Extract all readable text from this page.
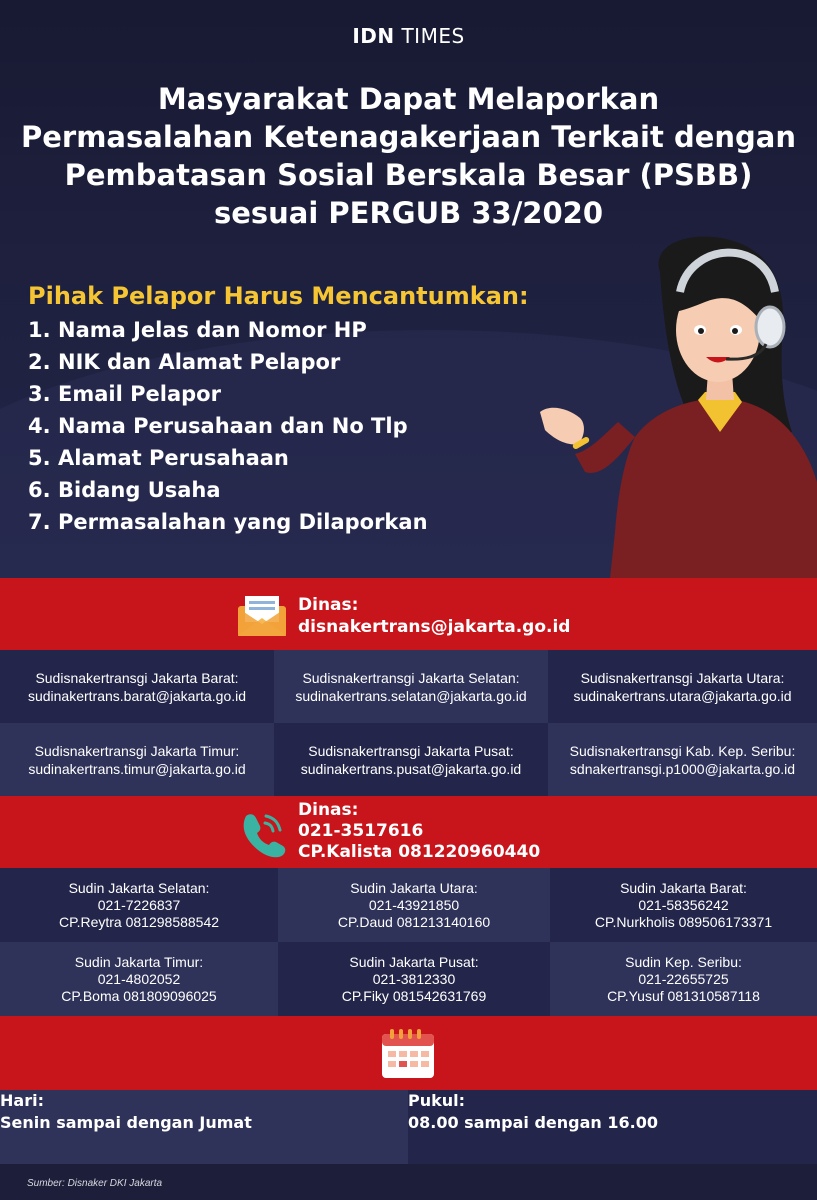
IDN TIMES
Masyarakat Dapat Melaporkan
Permasalahan Ketenagakerjaan Terkait dengan
Pembatasan Sosial Berskala Besar (PSBB)
sesuai PERGUB 33/2020
Pihak Pelapor Harus Mencantumkan:
1. Nama Jelas dan Nomor HP
2. NIK dan Alamat Pelapor
3. Email Pelapor
4. Nama Perusahaan dan No Tlp
5. Alamat Perusahaan
6. Bidang Usaha
7. Permasalahan yang Dilaporkan
Dinas:
disnakertrans@jakarta.go.id
Sudisnakertransgi Jakarta Barat:
sudinakertrans.barat@jakarta.go.id
Sudisnakertransgi Jakarta Selatan:
sudinakertrans.selatan@jakarta.go.id
Sudisnakertransgi Jakarta Utara:
sudinakertrans.utara@jakarta.go.id
Sudisnakertransgi Jakarta Timur:
sudinakertrans.timur@jakarta.go.id
Sudisnakertransgi Jakarta Pusat:
sudinakertrans.pusat@jakarta.go.id
Sudisnakertransgi Kab. Kep. Seribu:
sdnakertransgi.p1000@jakarta.go.id
Dinas:
021-3517616
CP.Kalista 081220960440
Sudin Jakarta Selatan:
021-7226837
CP.Reytra 081298588542
Sudin Jakarta Utara:
021-43921850
CP.Daud 081213140160
Sudin Jakarta Barat:
021-58356242
CP.Nurkholis 089506173371
Sudin Jakarta Timur:
021-4802052
CP.Boma 081809096025
Sudin Jakarta Pusat:
021-3812330
CP.Fiky 081542631769
Sudin Kep. Seribu:
021-22655725
CP.Yusuf 081310587118
Hari:
Senin sampai dengan Jumat
Pukul:
08.00 sampai dengan 16.00
Sumber: Disnaker DKI Jakarta
